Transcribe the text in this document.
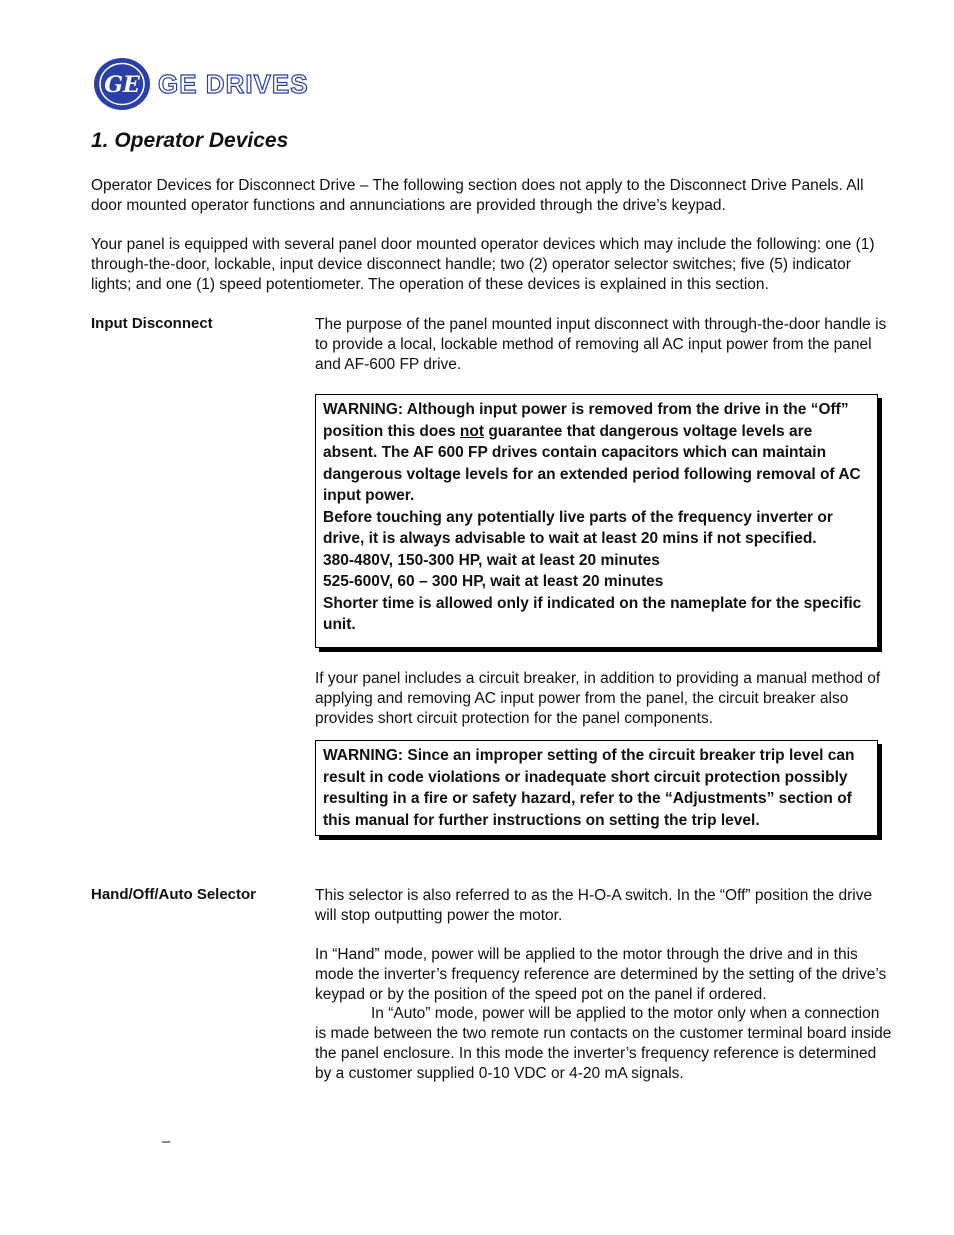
GE GE DRIVES
1. Operator Devices
Operator Devices for Disconnect Drive – The following section does not apply to the Disconnect Drive Panels. All door mounted operator functions and annunciations are provided through the drive’s keypad.
Your panel is equipped with several panel door mounted operator devices which may include the following: one (1) through-the-door, lockable, input device disconnect handle; two (2) operator selector switches; five (5) indicator lights; and one (1) speed potentiometer. The operation of these devices is explained in this section.
Input Disconnect	The purpose of the panel mounted input disconnect with through-the-door handle is to provide a local, lockable method of removing all AC input power from the panel and AF-600 FP drive.
WARNING: Although input power is removed from the drive in the “Off” position this does not guarantee that dangerous voltage levels are absent. The AF 600 FP drives contain capacitors which can maintain dangerous voltage levels for an extended period following removal of AC input power.
Before touching any potentially live parts of the frequency inverter or drive, it is always advisable to wait at least 20 mins if not specified.
380-480V, 150-300 HP, wait at least 20 minutes
525-600V, 60 – 300 HP, wait at least 20 minutes
Shorter time is allowed only if indicated on the nameplate for the specific unit.
If your panel includes a circuit breaker, in addition to providing a manual method of applying and removing AC input power from the panel, the circuit breaker also provides short circuit protection for the panel components.
WARNING: Since an improper setting of the circuit breaker trip level can result in code violations or inadequate short circuit protection possibly resulting in a fire or safety hazard, refer to the “Adjustments” section of this manual for further instructions on setting the trip level.
Hand/Off/Auto Selector	This selector is also referred to as the H-O-A switch. In the “Off” position the drive will stop outputting power the motor.
In “Hand” mode, power will be applied to the motor through the drive and in this mode the inverter’s frequency reference are determined by the setting of the drive’s keypad or by the position of the speed pot on the panel if ordered.
In “Auto” mode, power will be applied to the motor only when a connection is made between the two remote run contacts on the customer terminal board inside the panel enclosure. In this mode the inverter’s frequency reference is determined by a customer supplied 0-10 VDC or 4-20 mA signals.
–
